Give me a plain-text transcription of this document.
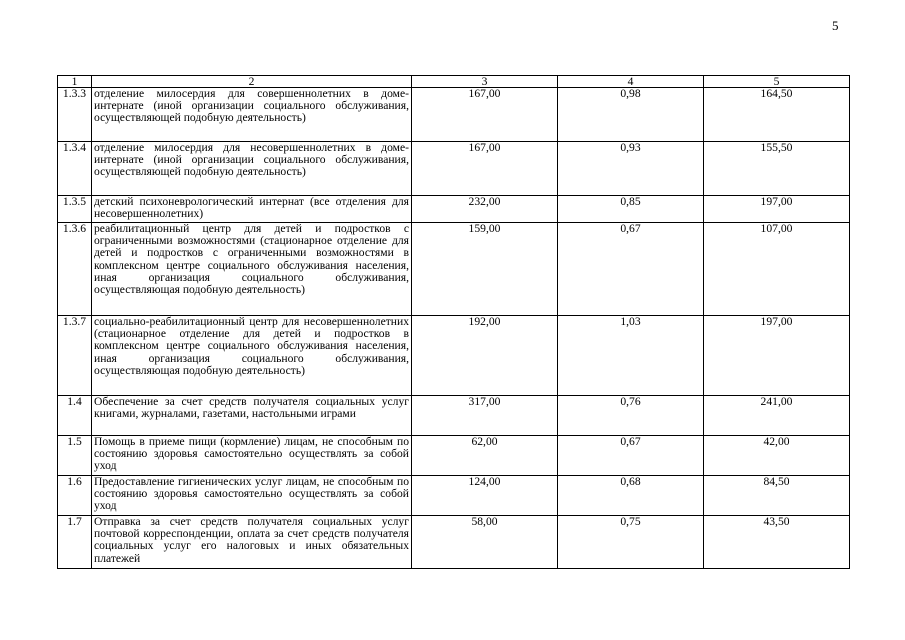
5
1	2	3	4	5
1.3.3	отделение милосердия для совершеннолетних в доме-интернате (иной организации социального обслуживания, осуществляющей подобную деятельность)	167,00	0,98	164,50
1.3.4	отделение милосердия для несовершеннолетних в доме-интернате (иной организации социального обслуживания, осуществляющей подобную деятельность)	167,00	0,93	155,50
1.3.5	детский психоневрологический интернат (все отделения для несовершеннолетних)	232,00	0,85	197,00
1.3.6	реабилитационный центр для детей и подростков с ограниченными возможностями (стационарное отделение для детей и подростков с ограниченными возможностями в комплексном центре социального обслуживания населения, иная организация социального обслуживания, осуществляющая подобную деятельность)	159,00	0,67	107,00
1.3.7	социально-реабилитационный центр для несовершеннолетних (стационарное отделение для детей и подростков в комплексном центре социального обслуживания населения, иная организация социального обслуживания, осуществляющая подобную деятельность)	192,00	1,03	197,00
1.4	Обеспечение за счет средств получателя социальных услуг книгами, журналами, газетами, настольными играми	317,00	0,76	241,00
1.5	Помощь в приеме пищи (кормление) лицам, не способным по состоянию здоровья самостоятельно осуществлять за собой уход	62,00	0,67	42,00
1.6	Предоставление гигиенических услуг лицам, не способным по состоянию здоровья самостоятельно осуществлять за собой уход	124,00	0,68	84,50
1.7	Отправка за счет средств получателя социальных услуг почтовой корреспонденции, оплата за счет средств получателя социальных услуг его налоговых и иных обязательных платежей	58,00	0,75	43,50
